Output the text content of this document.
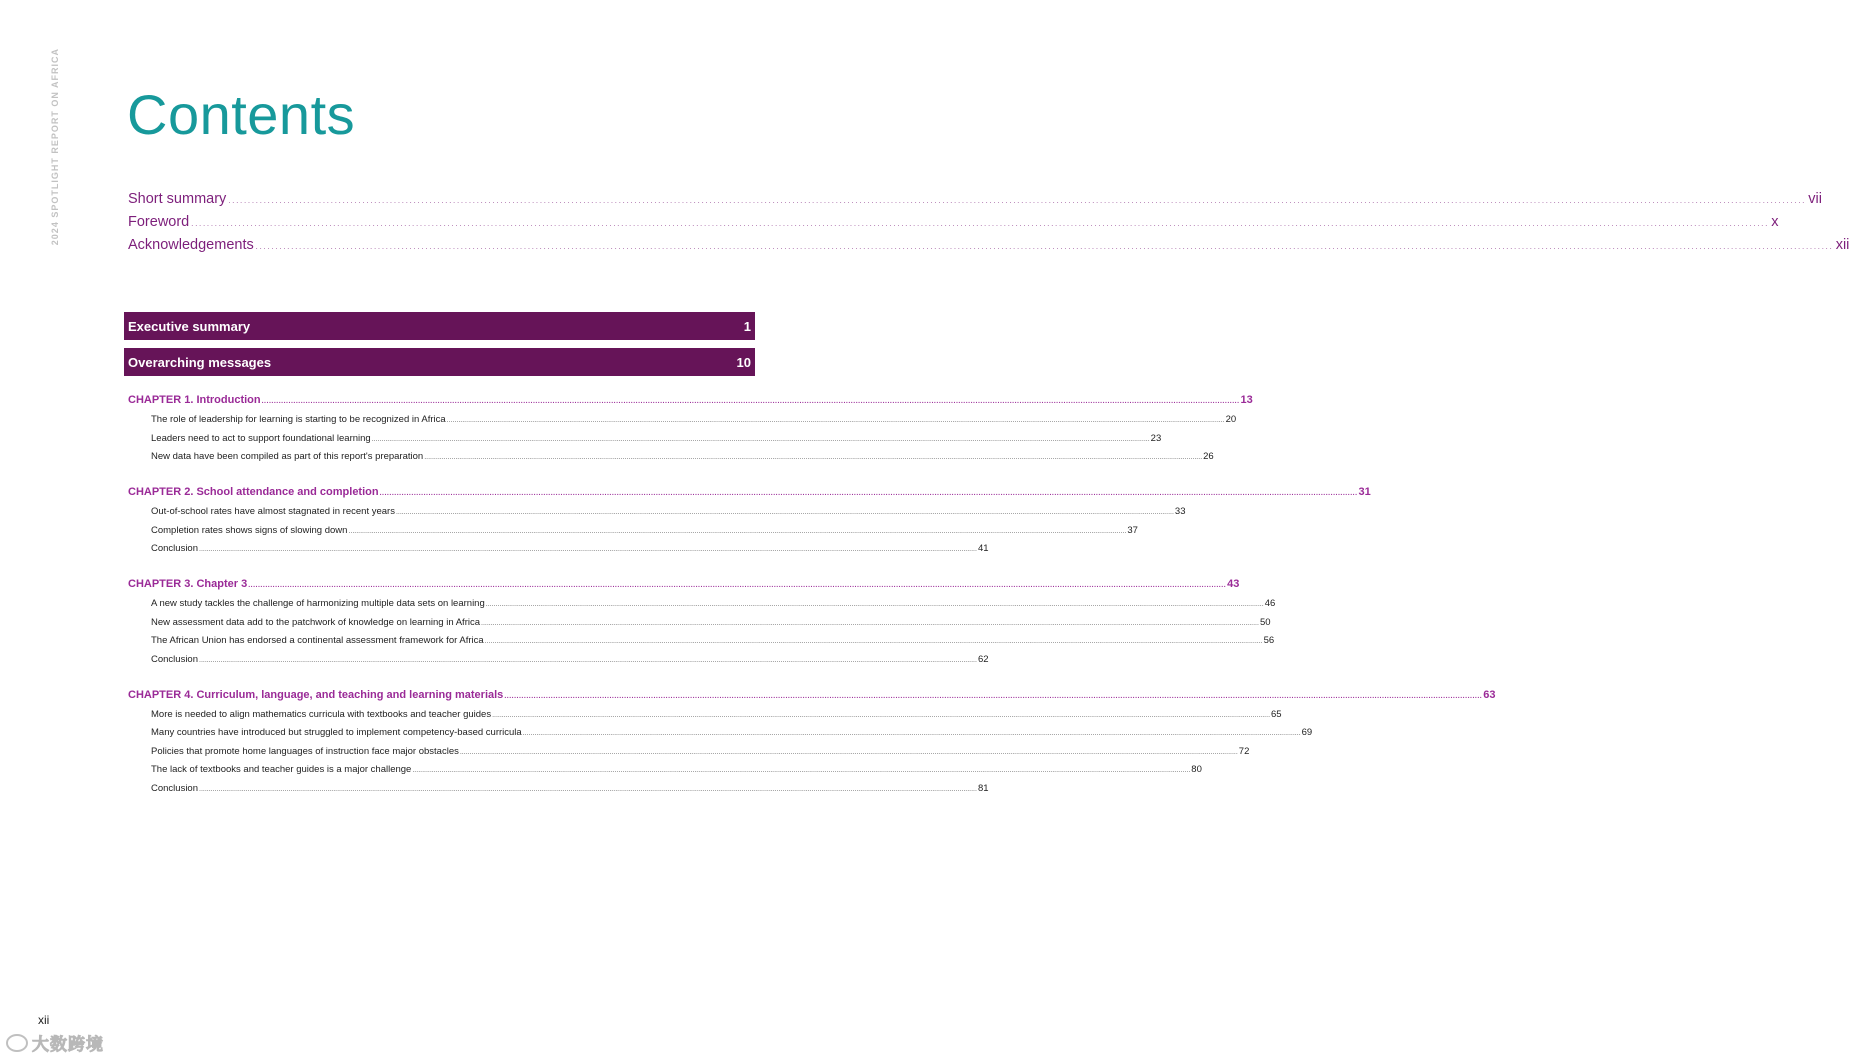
2024 SPOTLIGHT REPORT ON AFRICA Contents
Short summary ................................................................................................................................................................................................................................................................................................................................................................................................................ vii
Foreword ................................................................................................................................................................................................................................................................................................................................................................................................................ x
Acknowledgements ................................................................................................................................................................................................................................................................................................................................................................................................................ xii
Executive summary	1
Overarching messages	10
CHAPTER 1. Introduction ................................................................................................................................................................................................................................................................................................................................................................................................................ 13
The role of leadership for learning is starting to be recognized in Africa ................................................................................................................................................................................................................................................................................................................................................................................................................ 20
Leaders need to act to support foundational learning ................................................................................................................................................................................................................................................................................................................................................................................................................ 23
New data have been compiled as part of this report's preparation ................................................................................................................................................................................................................................................................................................................................................................................................................ 26
CHAPTER 2. School attendance and completion ................................................................................................................................................................................................................................................................................................................................................................................................................ 31
Out-of-school rates have almost stagnated in recent years ................................................................................................................................................................................................................................................................................................................................................................................................................ 33
Completion rates shows signs of slowing down ................................................................................................................................................................................................................................................................................................................................................................................................................ 37
Conclusion ................................................................................................................................................................................................................................................................................................................................................................................................................ 41
CHAPTER 3. Chapter 3 ................................................................................................................................................................................................................................................................................................................................................................................................................ 43
A new study tackles the challenge of harmonizing multiple data sets on learning ................................................................................................................................................................................................................................................................................................................................................................................................................ 46
New assessment data add to the patchwork of knowledge on learning in Africa ................................................................................................................................................................................................................................................................................................................................................................................................................ 50
The African Union has endorsed a continental assessment framework for Africa ................................................................................................................................................................................................................................................................................................................................................................................................................ 56
Conclusion ................................................................................................................................................................................................................................................................................................................................................................................................................ 62
CHAPTER 4. Curriculum, language, and teaching and learning materials ................................................................................................................................................................................................................................................................................................................................................................................................................ 63
More is needed to align mathematics curricula with textbooks and teacher guides ................................................................................................................................................................................................................................................................................................................................................................................................................ 65
Many countries have introduced but struggled to implement competency-based curricula ................................................................................................................................................................................................................................................................................................................................................................................................................ 69
Policies that promote home languages of instruction face major obstacles ................................................................................................................................................................................................................................................................................................................................................................................................................ 72
The lack of textbooks and teacher guides is a major challenge ................................................................................................................................................................................................................................................................................................................................................................................................................ 80
Conclusion ................................................................................................................................................................................................................................................................................................................................................................................................................ 81
xii
大数跨境
